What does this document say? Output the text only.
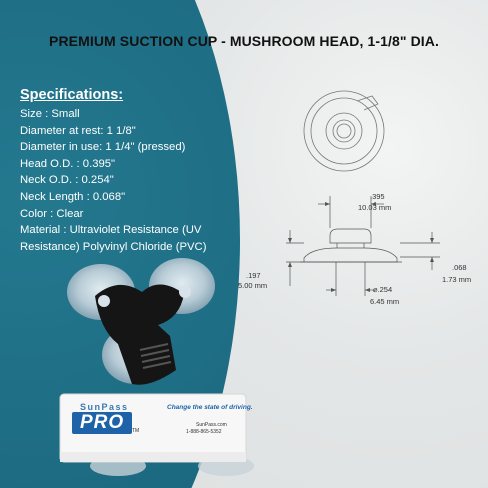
PREMIUM SUCTION CUP - MUSHROOM HEAD, 1-1/8" DIA.
Specifications:
Size : Small
Diameter at rest: 1 1/8"
Diameter in use: 1 1/4" (pressed)
Head O.D. : 0.395"
Neck O.D. : 0.254"
Neck Length : 0.068"
Color : Clear
Material : Ultraviolet Resistance (UV
Resistance) Polyvinyl Chloride (PVC)
.395
10.03 mm
.197
5.00 mm
.068
1.73 mm
⌀.254
6.45 mm
SunPass
PRO	TM
Change the state of driving.
SunPass.com
1-888-865-5352
